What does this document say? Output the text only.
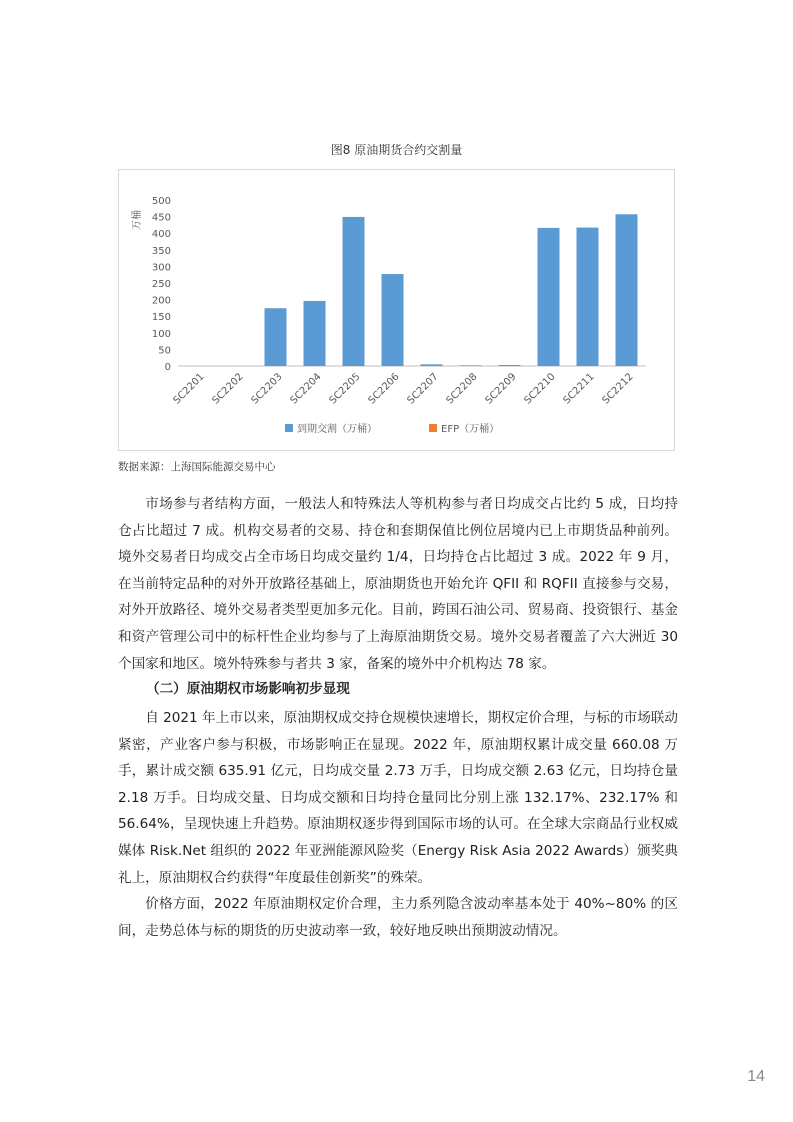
图8 原油期货合约交割量
0
50
100
150
200
250
300
350
400
450
500
万桶
SC2201 SC2202 SC2203 SC2204 SC2205 SC2206 SC2207 SC2208 SC2209 SC2210 SC2211 SC2212
到期交割（万桶）	EFP（万桶）
数据来源：上海国际能源交易中心

市场参与者结构方面，一般法人和特殊法人等机构参与者日均成交占比约 5 成，日均持仓占比超过 7 成。机构交易者的交易、持仓和套期保值比例位居境内已上市期货品种前列。境外交易者日均成交占全市场日均成交量约 1/4，日均持仓占比超过 3 成。2022 年 9 月，在当前特定品种的对外开放路径基础上，原油期货也开始允许 QFII 和 RQFII 直接参与交易，对外开放路径、境外交易者类型更加多元化。目前，跨国石油公司、贸易商、投资银行、基金和资产管理公司中的标杆性企业均参与了上海原油期货交易。境外交易者覆盖了六大洲近 30 个国家和地区。境外特殊参与者共 3 家，备案的境外中介机构达 78 家。

（二）原油期权市场影响初步显现

自 2021 年上市以来，原油期权成交持仓规模快速增长，期权定价合理，与标的市场联动紧密，产业客户参与积极，市场影响正在显现。2022 年，原油期权累计成交量 660.08 万手，累计成交额 635.91 亿元，日均成交量 2.73 万手，日均成交额 2.63 亿元，日均持仓量 2.18 万手。日均成交量、日均成交额和日均持仓量同比分别上涨 132.17%、232.17% 和 56.64%，呈现快速上升趋势。原油期权逐步得到国际市场的认可。在全球大宗商品行业权威媒体 Risk.Net 组织的 2022 年亚洲能源风险奖（Energy Risk Asia 2022 Awards）颁奖典礼上，原油期权合约获得“年度最佳创新奖”的殊荣。

价格方面，2022 年原油期权定价合理，主力系列隐含波动率基本处于 40%~80% 的区间，走势总体与标的期货的历史波动率一致，较好地反映出预期波动情况。

14
